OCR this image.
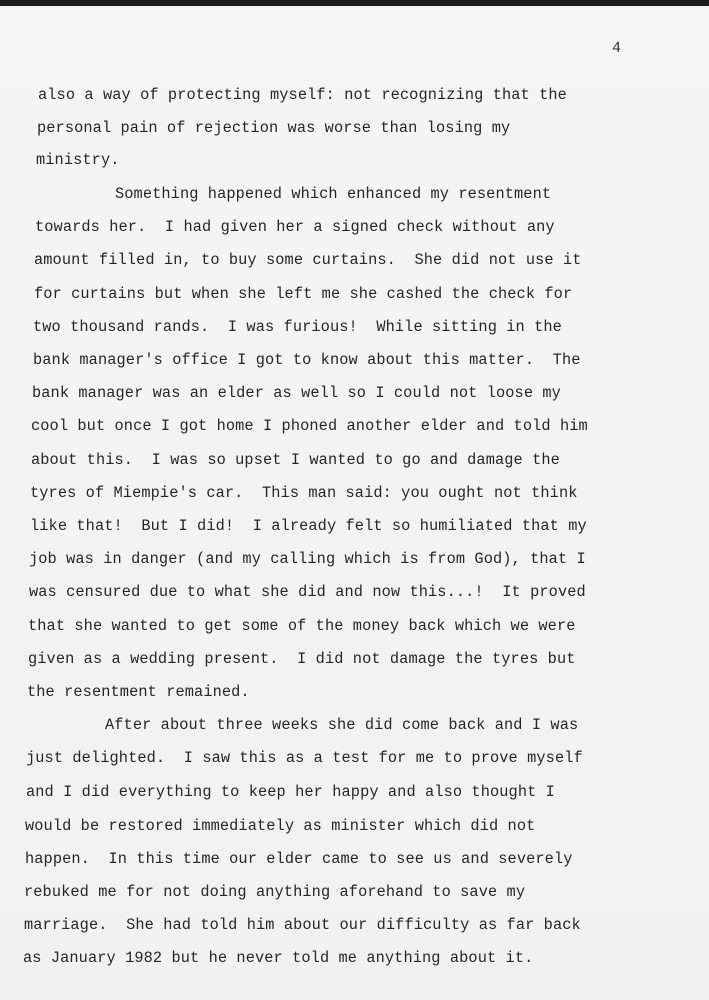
4
also a way of protecting myself: not recognizing that the
personal pain of rejection was worse than losing my
ministry.
Something happened which enhanced my resentment
towards her.  I had given her a signed check without any
amount filled in, to buy some curtains.  She did not use it
for curtains but when she left me she cashed the check for
two thousand rands.  I was furious!  While sitting in the
bank manager's office I got to know about this matter.  The
bank manager was an elder as well so I could not loose my
cool but once I got home I phoned another elder and told him
about this.  I was so upset I wanted to go and damage the
tyres of Miempie's car.  This man said: you ought not think
like that!  But I did!  I already felt so humiliated that my
job was in danger (and my calling which is from God), that I
was censured due to what she did and now this...!  It proved
that she wanted to get some of the money back which we were
given as a wedding present.  I did not damage the tyres but
the resentment remained.
After about three weeks she did come back and I was
just delighted.  I saw this as a test for me to prove myself
and I did everything to keep her happy and also thought I
would be restored immediately as minister which did not
happen.  In this time our elder came to see us and severely
rebuked me for not doing anything aforehand to save my
marriage.  She had told him about our difficulty as far back
as January 1982 but he never told me anything about it.
